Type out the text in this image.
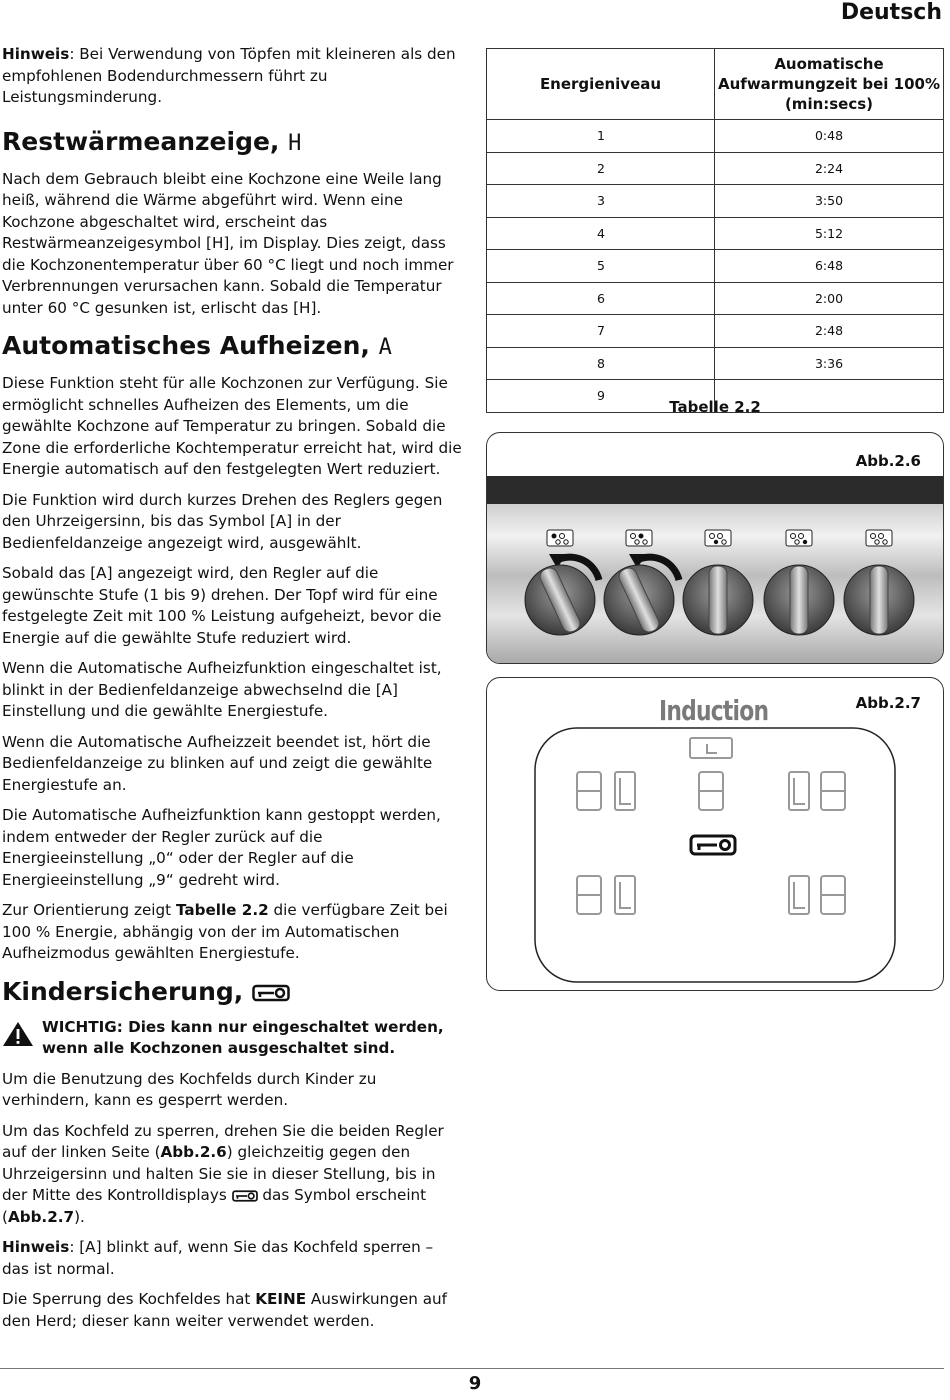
Deutsch

Hinweis: Bei Verwendung von Töpfen mit kleineren als den empfohlenen Bodendurchmessern führt zu Leistungsminderung.

Restwärmeanzeige, H

Nach dem Gebrauch bleibt eine Kochzone eine Weile lang heiß, während die Wärme abgeführt wird. Wenn eine Kochzone abgeschaltet wird, erscheint das Restwärmeanzeigesymbol [H], im Display. Dies zeigt, dass die Kochzonentemperatur über 60 °C liegt und noch immer Verbrennungen verursachen kann. Sobald die Temperatur unter 60 °C gesunken ist, erlischt das [H].

Automatisches Aufheizen, A

Diese Funktion steht für alle Kochzonen zur Verfügung. Sie ermöglicht schnelles Aufheizen des Elements, um die gewählte Kochzone auf Temperatur zu bringen. Sobald die Zone die erforderliche Kochtemperatur erreicht hat, wird die Energie automatisch auf den festgelegten Wert reduziert.

Die Funktion wird durch kurzes Drehen des Reglers gegen den Uhrzeigersinn, bis das Symbol [A] in der Bedienfeldanzeige angezeigt wird, ausgewählt.

Sobald das [A] angezeigt wird, den Regler auf die gewünschte Stufe (1 bis 9) drehen. Der Topf wird für eine festgelegte Zeit mit 100 % Leistung aufgeheizt, bevor die Energie auf die gewählte Stufe reduziert wird.

Wenn die Automatische Aufheizfunktion eingeschaltet ist, blinkt in der Bedienfeldanzeige abwechselnd die [A] Einstellung und die gewählte Energiestufe.

Wenn die Automatische Aufheizzeit beendet ist, hört die Bedienfeldanzeige zu blinken auf und zeigt die gewählte Energiestufe an.

Die Automatische Aufheizfunktion kann gestoppt werden, indem entweder der Regler zurück auf die Energieeinstellung „0“ oder der Regler auf die Energieeinstellung „9“ gedreht wird.

Zur Orientierung zeigt Tabelle 2.2 die verfügbare Zeit bei 100 % Energie, abhängig von der im Automatischen Aufheizmodus gewählten Energiestufe.

Kindersicherung,
WICHTIG: Dies kann nur eingeschaltet werden, wenn alle Kochzonen ausgeschaltet sind.

Um die Benutzung des Kochfelds durch Kinder zu verhindern, kann es gesperrt werden.

Um das Kochfeld zu sperren, drehen Sie die beiden Regler auf der linken Seite (Abb.2.6) gleichzeitig gegen den Uhrzeigersinn und halten Sie sie in dieser Stellung, bis in der Mitte des Kontrolldisplays  das Symbol erscheint (Abb.2.7).

Hinweis: [A] blinkt auf, wenn Sie das Kochfeld sperren – das ist normal.

Die Sperrung des Kochfeldes hat KEINE Auswirkungen auf den Herd; dieser kann weiter verwendet werden.

Energieniveau	Auomatische
Aufwarmungzeit bei 100%
(min:secs)
1	0:48
2	2:24
3	3:50
4	5:12
5	6:48
6	2:00
7	2:48
8	3:36
9	
Tabelle 2.2
Abb.2.6
Abb.2.7
Induction
9
